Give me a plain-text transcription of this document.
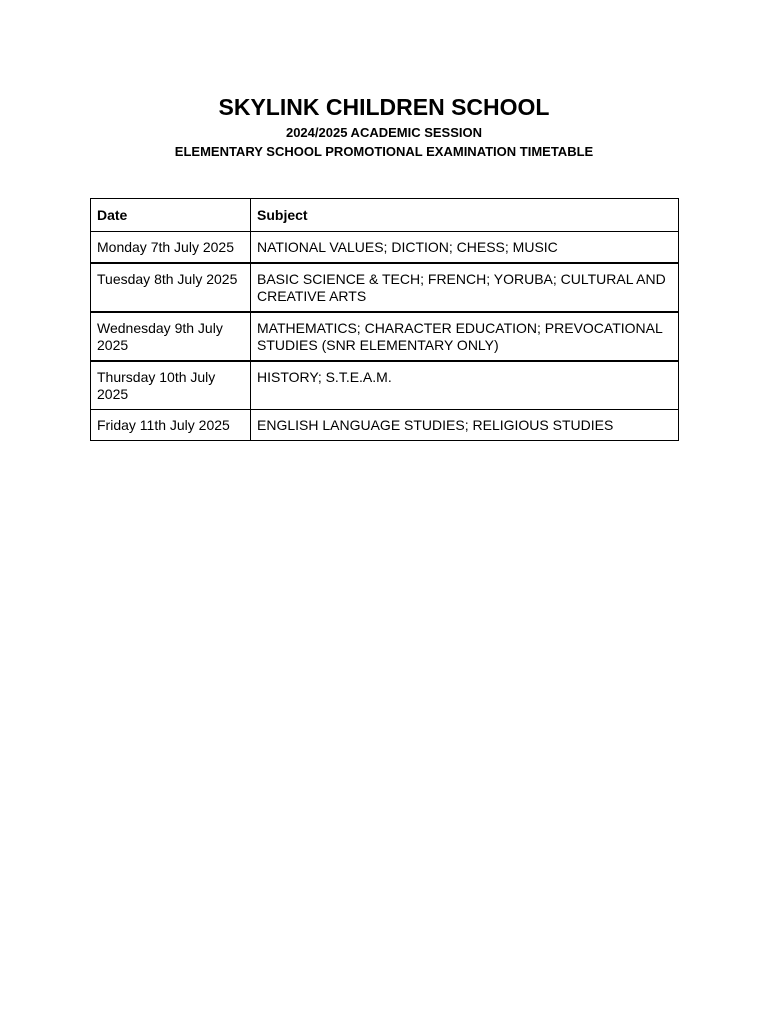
SKYLINK CHILDREN SCHOOL

2024/2025 ACADEMIC SESSION

ELEMENTARY SCHOOL PROMOTIONAL EXAMINATION TIMETABLE

Date	Subject
Monday 7th July 2025	NATIONAL VALUES; DICTION; CHESS; MUSIC
Tuesday 8th July 2025	BASIC SCIENCE & TECH; FRENCH; YORUBA; CULTURAL AND CREATIVE ARTS
Wednesday 9th July 2025	MATHEMATICS; CHARACTER EDUCATION; PREVOCATIONAL STUDIES (SNR ELEMENTARY ONLY)
Thursday 10th July 2025	HISTORY; S.T.E.A.M.
Friday 11th July 2025	ENGLISH LANGUAGE STUDIES; RELIGIOUS STUDIES
